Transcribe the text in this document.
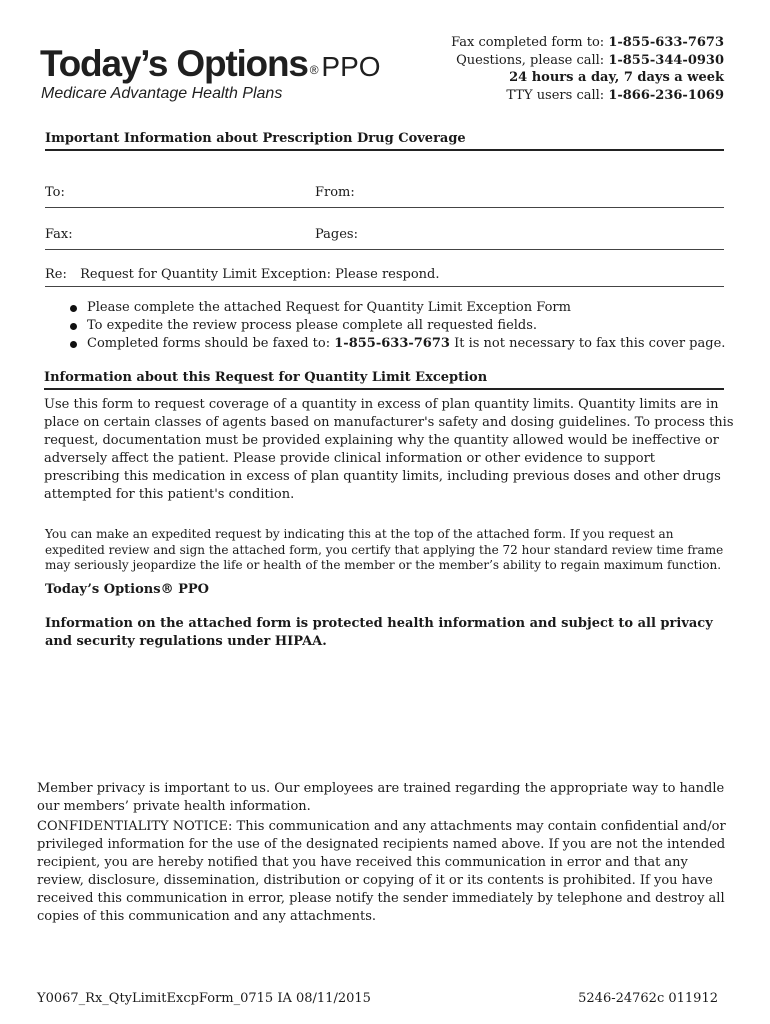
Today’s Options ® PPO
Medicare Advantage Health Plans
Fax completed form to: 1-855-633-7673
Questions, please call: 1-855-344-0930
24 hours a day, 7 days a week
TTY users call: 1-866-236-1069
Important Information about Prescription Drug Coverage
To:	From:
Fax:	Pages:
Re: Request for Quantity Limit Exception: Please respond.
Please complete the attached Request for Quantity Limit Exception Form
To expedite the review process please complete all requested fields.
Completed forms should be faxed to: 1-855-633-7673 It is not necessary to fax this cover page.
Information about this Request for Quantity Limit Exception
Use this form to request coverage of a quantity in excess of plan quantity limits. Quantity limits are in place on certain classes of agents based on manufacturer's safety and dosing guidelines. To process this request, documentation must be provided explaining why the quantity allowed would be ineffective or adversely affect the patient. Please provide clinical information or other evidence to support prescribing this medication in excess of plan quantity limits, including previous doses and other drugs attempted for this patient's condition.
You can make an expedited request by indicating this at the top of the attached form. If you request an expedited review and sign the attached form, you certify that applying the 72 hour standard review time frame may seriously jeopardize the life or health of the member or the member’s ability to regain maximum function.
Today’s Options® PPO
Information on the attached form is protected health information and subject to all privacy and security regulations under HIPAA.
Member privacy is important to us. Our employees are trained regarding the appropriate way to handle our members’ private health information.
CONFIDENTIALITY NOTICE: This communication and any attachments may contain confidential and/or privileged information for the use of the designated recipients named above. If you are not the intended recipient, you are hereby notified that you have received this communication in error and that any review, disclosure, dissemination, distribution or copying of it or its contents is prohibited. If you have received this communication in error, please notify the sender immediately by telephone and destroy all copies of this communication and any attachments.
Y0067_Rx_QtyLimitExcpForm_0715 IA 08/11/2015	5246-24762c 011912
